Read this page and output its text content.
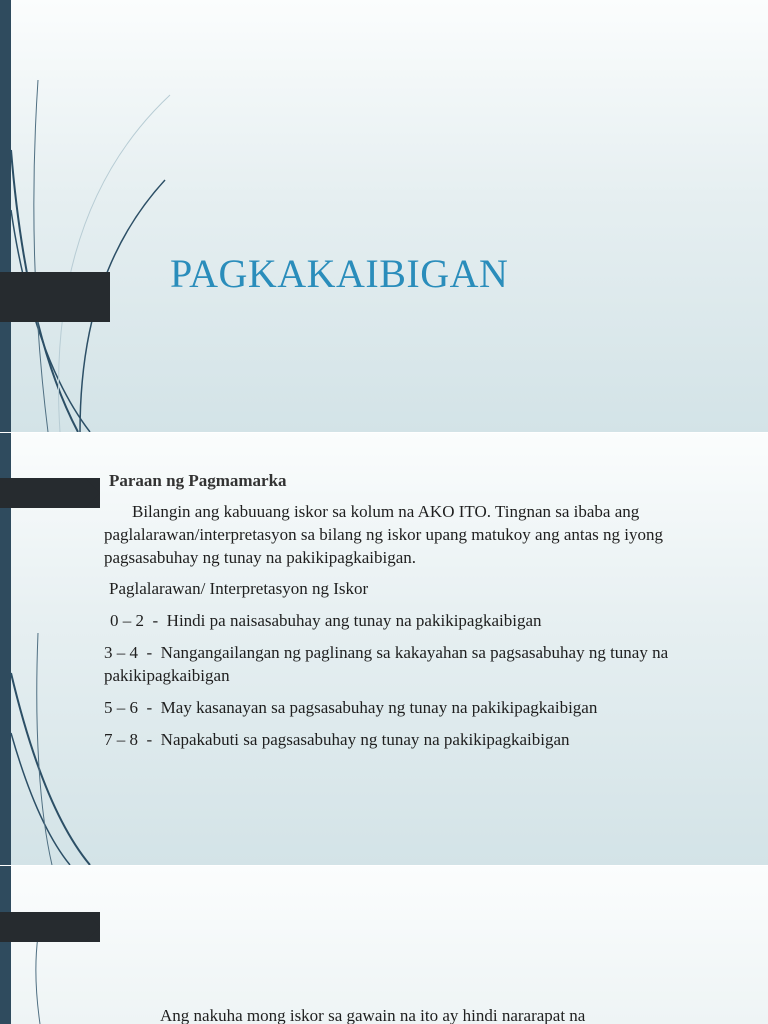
PAGKAKAIBIGAN

Paraan ng Pagmamarka

Bilangin ang kabuuang iskor sa kolum na AKO ITO. Tingnan sa ibaba ang paglalarawan/interpretasyon sa bilang ng iskor upang matukoy ang antas ng iyong pagsasabuhay ng tunay na pakikipagkaibigan.

Paglalarawan/ Interpretasyon ng Iskor

0 – 2  -  Hindi pa naisasabuhay ang tunay na pakikipagkaibigan

3 – 4  -  Nangangailangan ng paglinang sa kakayahan sa pagsasabuhay ng tunay na pakikipagkaibigan

5 – 6  -  May kasanayan sa pagsasabuhay ng tunay na pakikipagkaibigan

7 – 8  -  Napakabuti sa pagsasabuhay ng tunay na pakikipagkaibigan

Ang nakuha mong iskor sa gawain na ito ay hindi nararapat na
